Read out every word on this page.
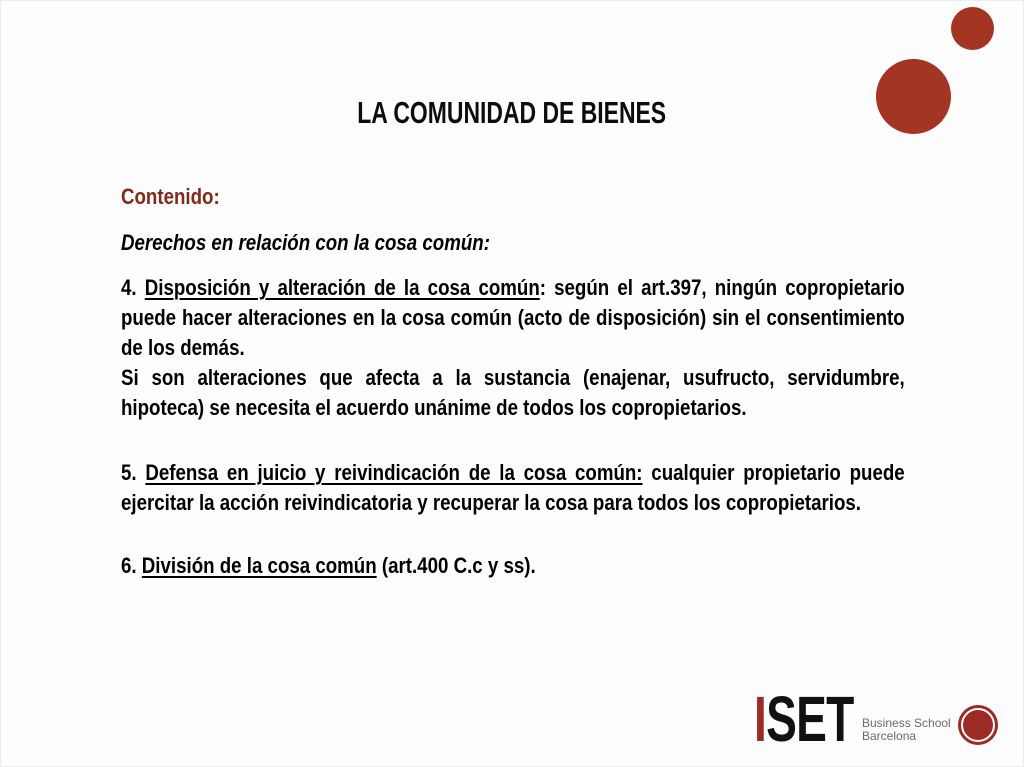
LA COMUNIDAD DE BIENES

Contenido:

Derechos en relación con la cosa común:

4. Disposición y alteración de la cosa común: según el art.397, ningún copropietario puede hacer alteraciones en la cosa común (acto de disposición) sin el consentimiento de los demás.

Si son alteraciones que afecta a la sustancia (enajenar, usufructo, servidumbre, hipoteca) se necesita el acuerdo unánime de todos los copropietarios.

5. Defensa en juicio y reivindicación de la cosa común: cualquier propietario puede ejercitar la acción reivindicatoria y recuperar la cosa para todos los copropietarios.

6. División de la cosa común (art.400 C.c y ss).

ISET Business School
Barcelona
